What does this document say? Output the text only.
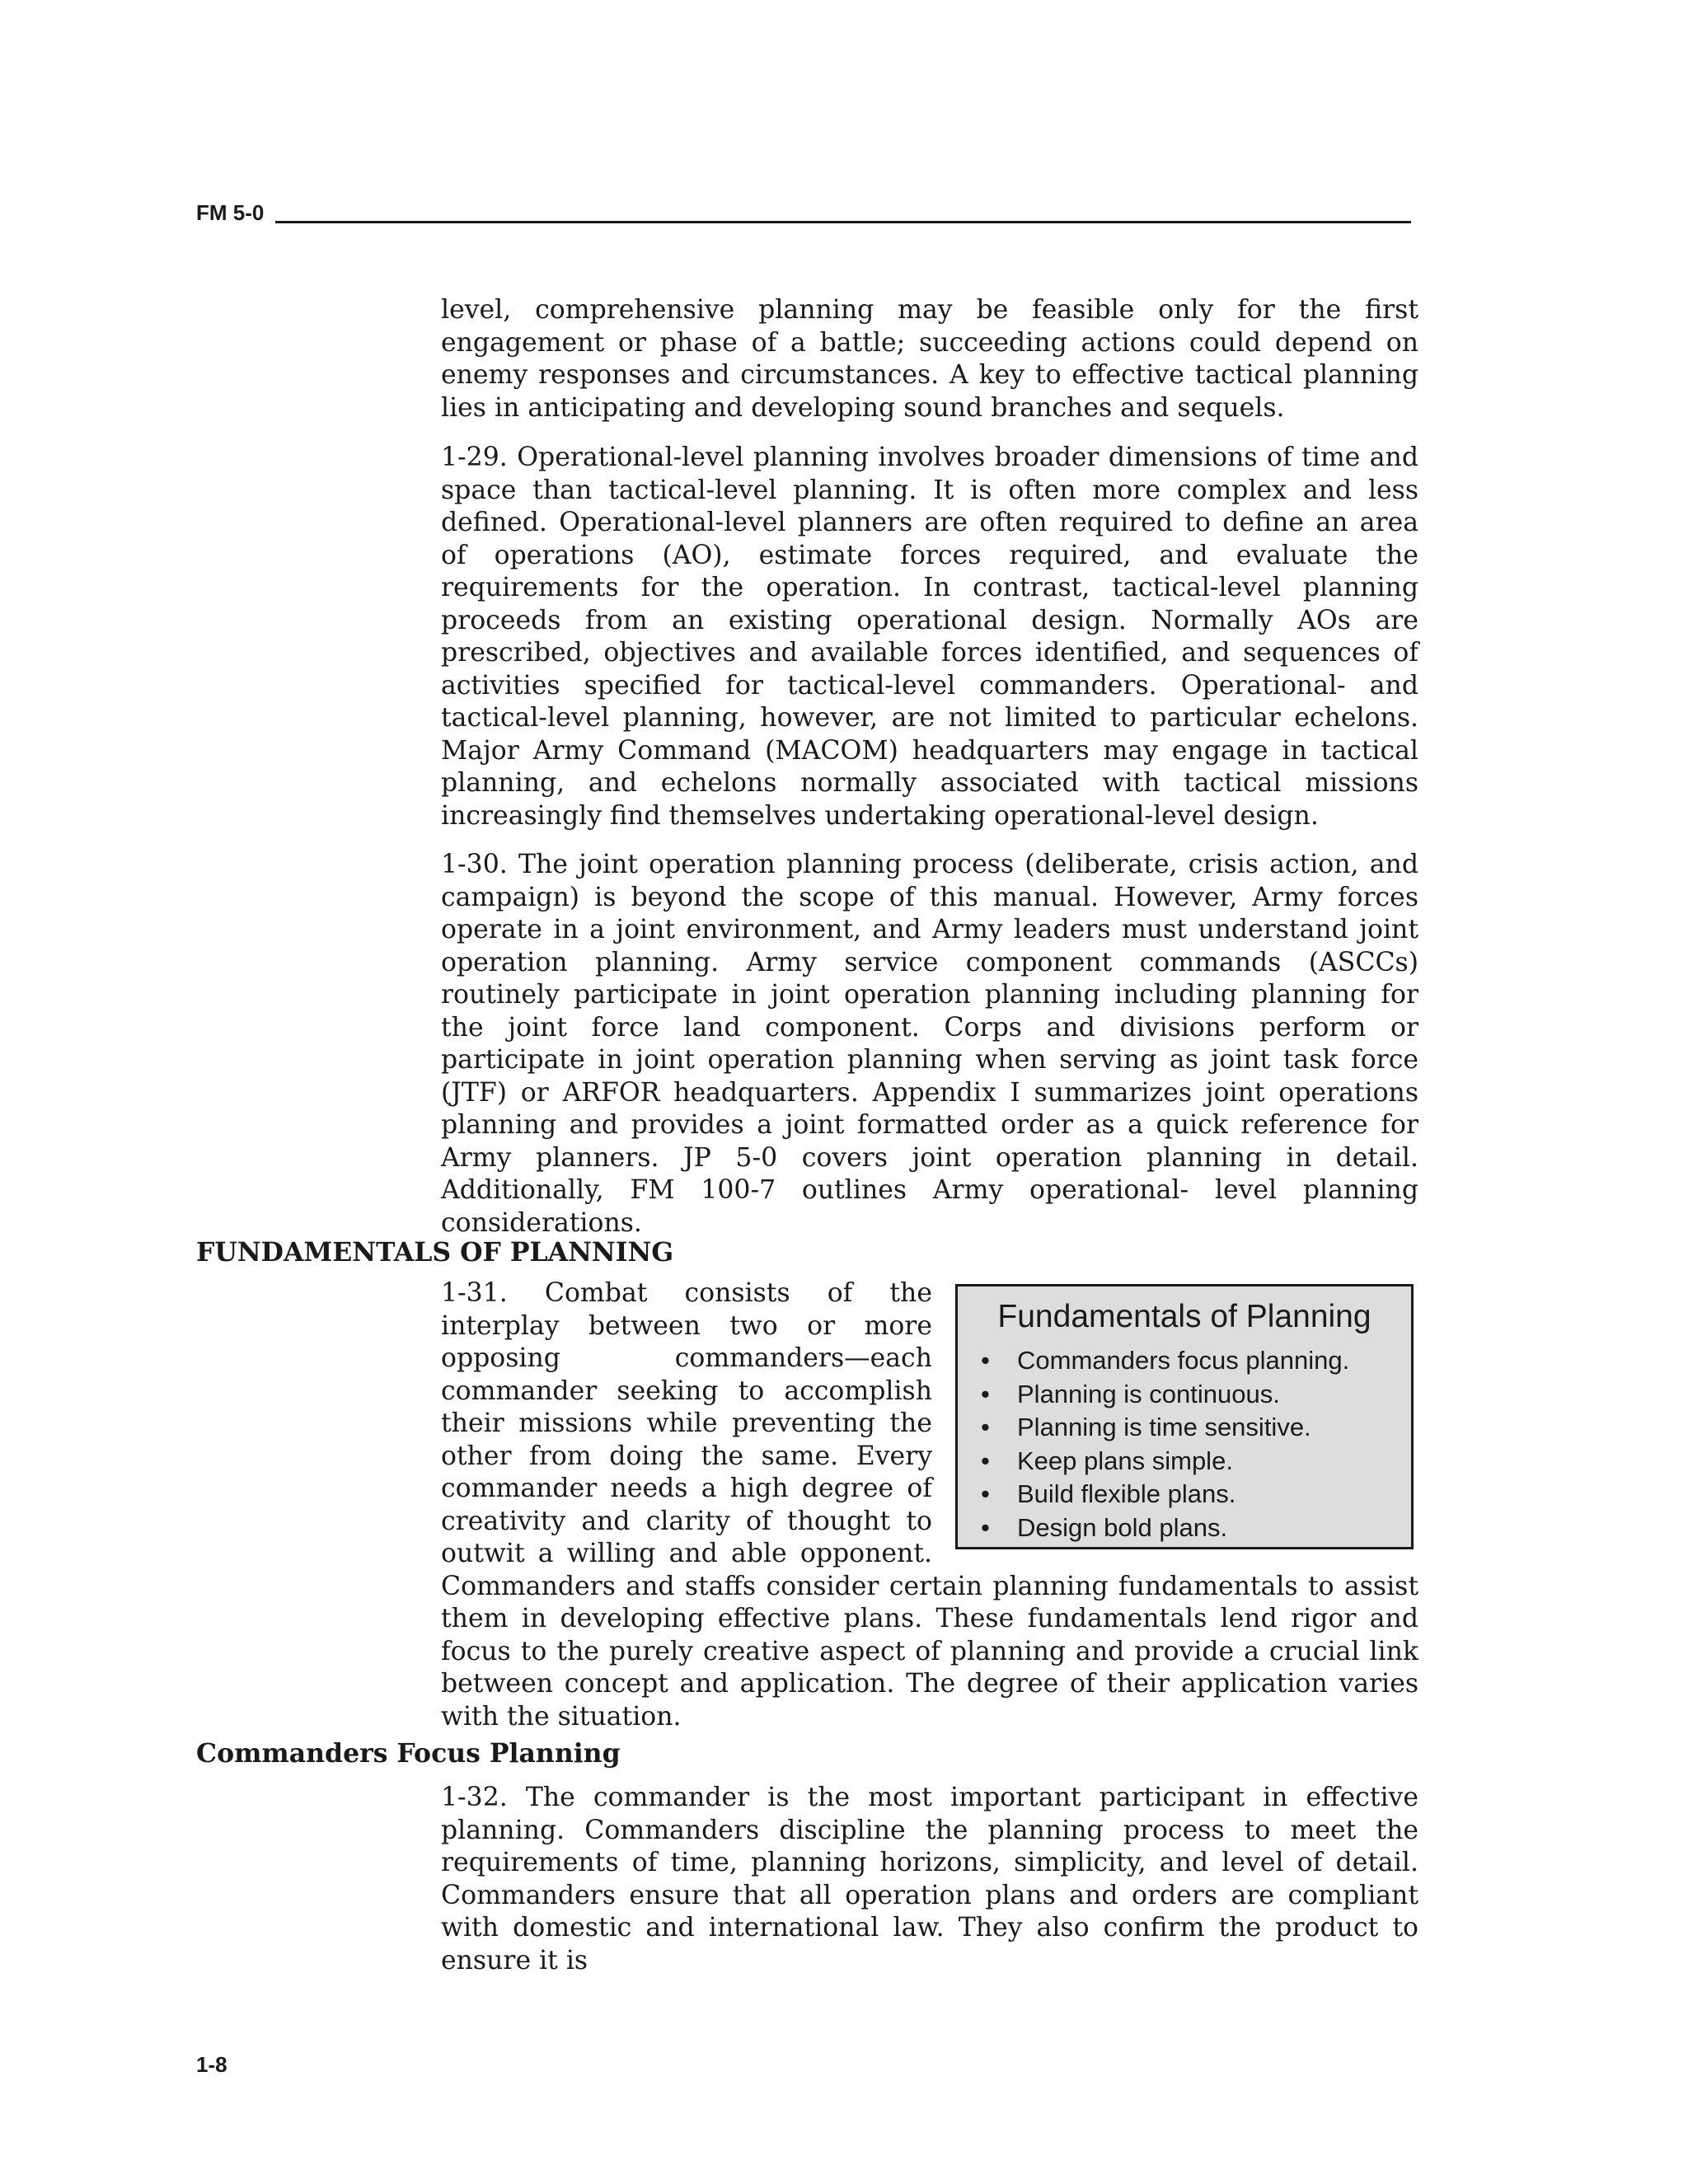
FM 5-0

level, comprehensive planning may be feasible only for the first engagement or phase of a battle; succeeding actions could depend on enemy responses and circumstances. A key to effective tactical planning lies in anticipating and developing sound branches and sequels.

1-29. Operational-level planning involves broader dimensions of time and space than tactical-level planning. It is often more complex and less defined. Operational-level planners are often required to define an area of operations (AO), estimate forces required, and evaluate the requirements for the operation. In contrast, tactical-level planning proceeds from an existing operational design. Normally AOs are prescribed, objectives and available forces identified, and sequences of activities specified for tactical-level commanders. Operational- and tactical-level planning, however, are not limited to particular echelons. Major Army Command (MACOM) headquarters may engage in tactical planning, and echelons normally associated with tactical missions increasingly find themselves undertaking operational-level design.

1-30. The joint operation planning process (deliberate, crisis action, and campaign) is beyond the scope of this manual. However, Army forces operate in a joint environment, and Army leaders must understand joint operation planning. Army service component commands (ASCCs) routinely participate in joint operation planning including planning for the joint force land component. Corps and divisions perform or participate in joint operation planning when serving as joint task force (JTF) or ARFOR headquarters. Appendix I summarizes joint operations planning and provides a joint formatted order as a quick reference for Army planners. JP 5-0 covers joint operation planning in detail. Additionally, FM 100-7 outlines Army operational- level planning considerations.

FUNDAMENTALS OF PLANNING
Fundamentals of Planning
•	Commanders focus planning.
•	Planning is continuous.
•	Planning is time sensitive.
•	Keep plans simple.
•	Build flexible plans.
•	Design bold plans.
1-31. Combat consists of the interplay between two or more opposing commanders—each commander seeking to accomplish their missions while preventing the other from doing the same. Every commander needs a high degree of creativity and clarity of thought to outwit a willing and able opponent. Commanders and staffs consider certain planning fundamentals to assist them in developing effective plans. These fundamentals lend rigor and focus to the purely creative aspect of planning and provide a crucial link between concept and application. The degree of their application varies with the situation.
Commanders Focus Planning

1-32. The commander is the most important participant in effective planning. Commanders discipline the planning process to meet the requirements of time, planning horizons, simplicity, and level of detail. Commanders ensure that all operation plans and orders are compliant with domestic and international law. They also confirm the product to ensure it is

1-8
